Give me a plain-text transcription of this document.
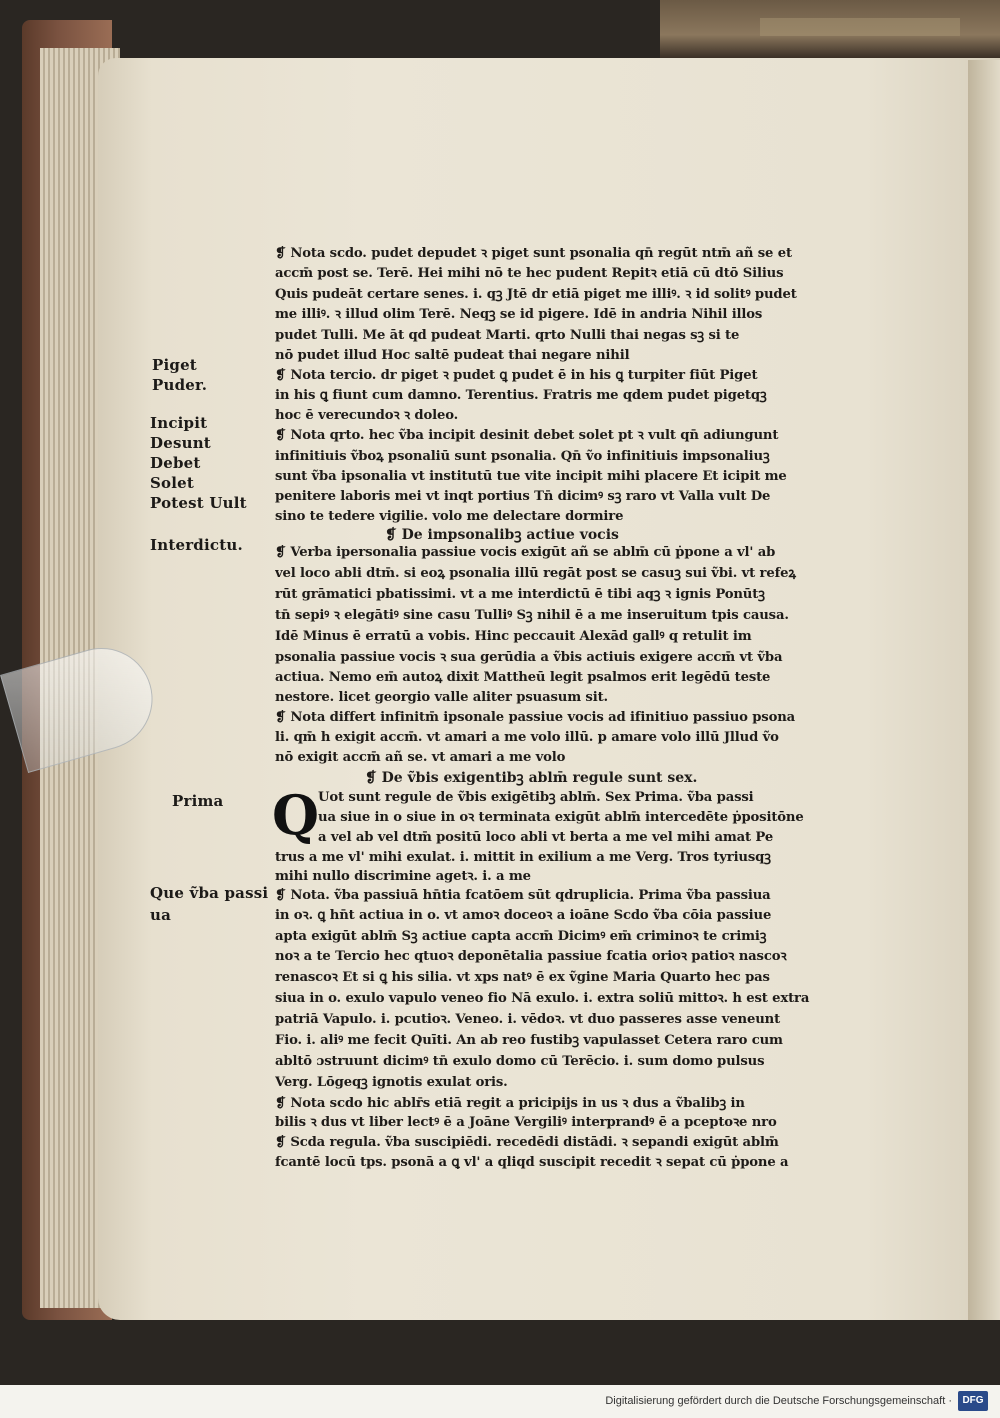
Piget
Puder.
Incipit
Desunt
Debet
Solet
Potest Uult
Interdictu.
Prima
Que ṽba passi
ua
❡ Nota scdo. pudet depudet ꝛ piget sunt psonalia qn̄ regūt ntm̄ añ se et
accm̄ post se. Terē. Hei mihi nō te hec pudent Repitꝛ etiā cū dtō Silius
Quis pudeāt certare senes. i. qꝫ Jtē dr etiā piget me illiꝰ. ꝛ id solitꝰ pudet
me illiꝰ. ꝛ illud olim Terē. Neqꝫ se id pigere. Idē in andria Nihil illos
pudet Tulli. Me āt qd pudeat Marti. qrto Nulli thai negas sꝫ si te
nō pudet illud Hoc saltē pudeat thai negare nihil
❡ Nota tercio. dr piget ꝛ pudet ꝗ pudet ē in his ꝗ turpiter fiūt Piget
in his ꝗ fiunt cum damno. Terentius. Fratris me qdem pudet pigetqꝫ
hoc ē verecundoꝛ ꝛ doleo.
❡ Nota qrto. hec ṽba incipit desinit debet solet pt ꝛ vult qn̄ adiungunt
infinitiuis ṽboꝝ psonaliū sunt psonalia. Qn̄ ṽo infinitiuis impsonaliuꝫ
sunt ṽba ipsonalia vt institutū tue vite incipit mihi placere Et icipit me
penitere laboris mei vt inqt portius Tn̄ dicimꝰ sꝫ raro vt Valla vult De
sino te tedere vigilie. volo me delectare dormire
❡ De impsonalibꝫ actiue vocis
❡ Verba ipersonalia passiue vocis exigūt añ se ablm̄ cū ṗpone a vl' ab
vel loco abli dtm̄. si eoꝝ psonalia illū regāt post se casuꝫ sui ṽbi. vt refeꝝ
rūt grāmatici pbatissimi. vt a me interdictū ē tibi aqꝫ ꝛ ignis Ponūtꝫ
tn̄ sepiꝰ ꝛ elegātiꝰ sine casu Tulliꝰ Sꝫ nihil ē a me inseruitum tpis causa.
Idē Minus ē erratū a vobis. Hinc peccauit Alexād gallꝰ q retulit im
psonalia passiue vocis ꝛ sua gerūdia a ṽbis actiuis exigere accm̄ vt ṽba
actiua. Nemo em̄ autoꝝ dixit Mattheū legit psalmos erit legēdū teste
nestore. licet georgio valle aliter psuasum sit.
❡ Nota differt infinitm̄ ipsonale passiue vocis ad ifinitiuo passiuo psona
li. qm̄ h exigit accm̄. vt amari a me volo illū. p amare volo illū Jllud ṽo
nō exigit accm̄ añ se. vt amari a me volo
❡ De ṽbis exigentibꝫ ablm̄ regule sunt sex.
Q
Uot sunt regule de ṽbis exigētibꝫ ablm̄. Sex Prima. ṽba passi
ua siue in o siue in oꝛ terminata exigūt ablm̄ intercedēte ṗpositōne
a vel ab vel dtm̄ positū loco abli vt berta a me vel mihi amat Pe
trus a me vl' mihi exulat. i. mittit in exilium a me Verg. Tros tyriusqꝫ
mihi nullo discrimine agetꝛ. i. a me
❡ Nota. ṽba passiuā hn̄tia fcatōem sūt qdruplicia. Prima ṽba passiua
in oꝛ. ꝗ hn̄t actiua in o. vt amoꝛ doceoꝛ a ioāne Scdo ṽba cōia passiue
apta exigūt ablm̄ Sꝫ actiue capta accm̄ Dicimꝰ em̄ criminoꝛ te crimiꝫ
noꝛ a te Tercio hec qtuoꝛ deponētalia passiue fcatia orioꝛ patioꝛ nascoꝛ
renascoꝛ Et si ꝗ his silia. vt xps natꝰ ē ex ṽgine Maria Quarto hec pas
siua in o. exulo vapulo veneo fio Nā exulo. i. extra soliū mittoꝛ. h est extra
patriā Vapulo. i. pcutioꝛ. Veneo. i. vēdoꝛ. vt duo passeres asse veneunt
Fio. i. aliꝰ me fecit Quīti. An ab reo fustibꝫ vapulasset Cetera raro cum
abltō ɔstruunt dicimꝰ tn̄ exulo domo cū Terēcio. i. sum domo pulsus
Verg. Lōgeqꝫ ignotis exulat oris.
❡ Nota scdo hic ablr̄s etiā regit a pricipijs in us ꝛ dus a ṽbalibꝫ in
bilis ꝛ dus vt liber lectꝰ ē a Joāne Vergiliꝰ interprandꝰ ē a pceptoꝛe nro
❡ Scda regula. ṽba suscipiēdi. recedēdi distādi. ꝛ sepandi exigūt ablm̄
fcantē locū tps. psonā a ꝗ vl' a qliqd suscipit recedit ꝛ sepat cū ṗpone a
Digitalisierung gefördert durch die Deutsche Forschungsgemeinschaft ·	DFG
